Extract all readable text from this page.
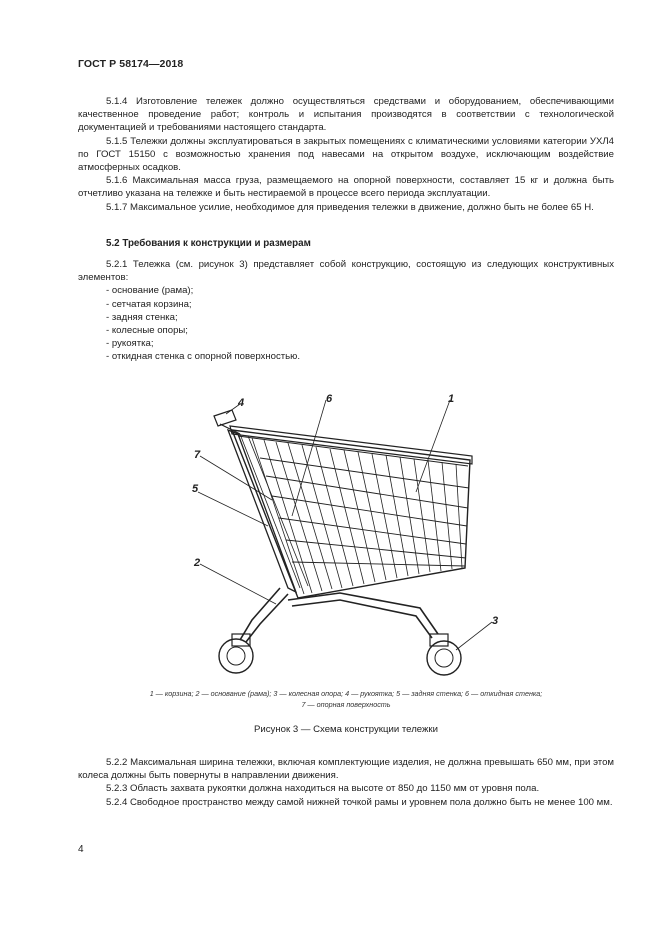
ГОСТ Р 58174—2018

5.1.4 Изготовление тележек должно осуществляться средствами и оборудованием, обеспечивающими качественное проведение работ; контроль и испытания производятся в соответствии с технологической документацией и требованиями настоящего стандарта.

5.1.5 Тележки должны эксплуатироваться в закрытых помещениях с климатическими условиями категории УХЛ4 по ГОСТ 15150 с возможностью хранения под навесами на открытом воздухе, исключающим воздействие атмосферных осадков.

5.1.6 Максимальная масса груза, размещаемого на опорной поверхности, составляет 15 кг и должна быть отчетливо указана на тележке и быть нестираемой в процессе всего периода эксплуатации.

5.1.7 Максимальное усилие, необходимое для приведения тележки в движение, должно быть не более 65 Н.

5.2 Требования к конструкции и размерам

5.2.1 Тележка (см. рисунок 3) представляет собой конструкцию, состоящую из следующих конструктивных элементов:

- основание (рама);
- сетчатая корзина;
- задняя стенка;
- колесные опоры;
- рукоятка;
- откидная стенка с опорной поверхностью.
1
2
3
4
5
6
7
1 — корзина; 2 — основание (рама); 3 — колесная опора; 4 — рукоятка; 5 — задняя стенка; 6 — откидная стенка;
7 — опорная поверхность
Рисунок 3 — Схема конструкции тележки

5.2.2 Максимальная ширина тележки, включая комплектующие изделия, не должна превышать 650 мм, при этом колеса должны быть повернуты в направлении движения.

5.2.3 Область захвата рукоятки должна находиться на высоте от 850 до 1150 мм от уровня пола.

5.2.4 Свободное пространство между самой нижней точкой рамы и уровнем пола должно быть не менее 100 мм.

4
